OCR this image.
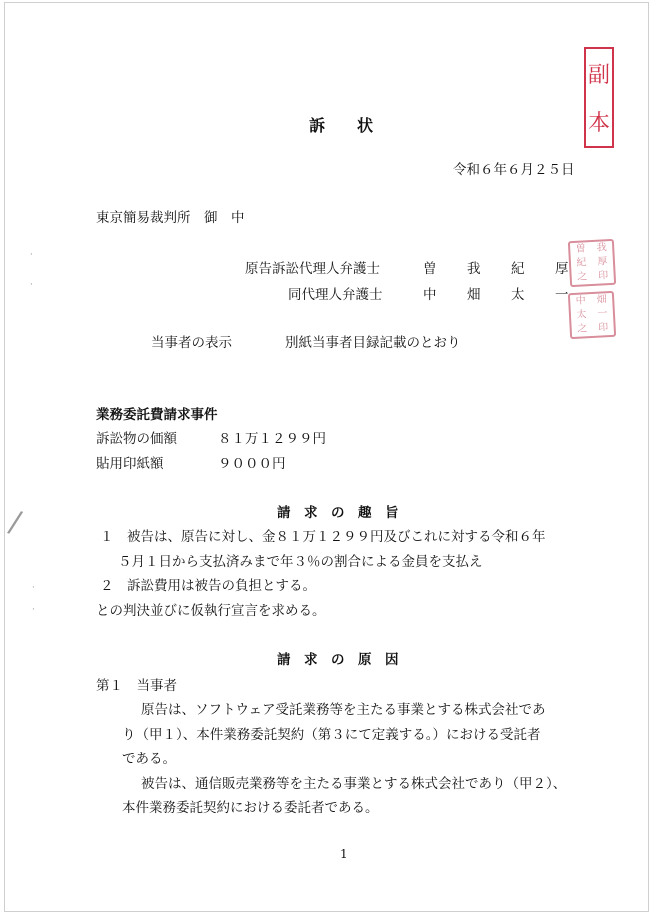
副
本
曽 我
紀 厚
之 印
中 畑
太 一
之 印
·
·
/
·
·
訴　　状
令和６年６月２５日
東京簡易裁判所　御　中
原告訴訟代理人弁護士	曽 我 紀 厚
同代理人弁護士	中 畑 太 一
当事者の表示	別紙当事者目録記載のとおり
業務委託費請求事件
訴訟物の価額	８１万１２９９円
貼用印紙額	９０００円
請　求　の　趣　旨
１　被告は、原告に対し、金８１万１２９９円及びこれに対する令和６年
５月１日から支払済みまで年３％の割合による金員を支払え
２　訴訟費用は被告の負担とする。
との判決並びに仮執行宣言を求める。
請　求　の　原　因
第１　当事者
原告は、ソフトウェア受託業務等を主たる事業とする株式会社であ
り（甲１）、本件業務委託契約（第３にて定義する。）における受託者
である。
被告は、通信販売業務等を主たる事業とする株式会社であり（甲２）、
本件業務委託契約における委託者である。
1
